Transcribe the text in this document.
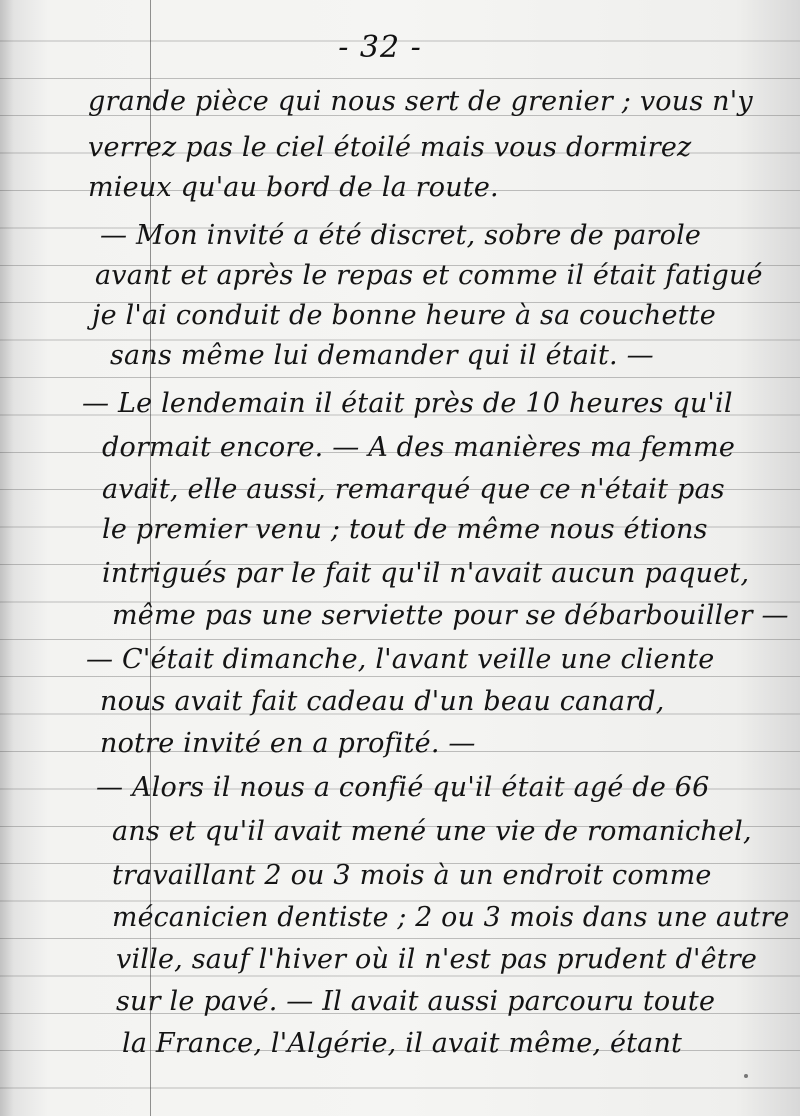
- 32 -
grande pièce qui nous sert de grenier ; vous n'y
verrez pas le ciel étoilé mais vous dormirez
mieux qu'au bord de la route.
— Mon invité a été discret, sobre de parole
avant et après le repas et comme il était fatigué
je l'ai conduit de bonne heure à sa couchette
sans même lui demander qui il était. —
— Le lendemain il était près de 10 heures qu'il
dormait encore. — A des manières ma femme
avait, elle aussi, remarqué que ce n'était pas
le premier venu ; tout de même nous étions
intrigués par le fait qu'il n'avait aucun paquet,
même pas une serviette pour se débarbouiller —
— C'était dimanche, l'avant veille une cliente
nous avait fait cadeau d'un beau canard,
notre invité en a profité. —
— Alors il nous a confié qu'il était agé de 66
ans et qu'il avait mené une vie de romanichel,
travaillant 2 ou 3 mois à un endroit comme
mécanicien dentiste ; 2 ou 3 mois dans une autre
ville, sauf l'hiver où il n'est pas prudent d'être
sur le pavé. — Il avait aussi parcouru toute
la France, l'Algérie, il avait même, étant
